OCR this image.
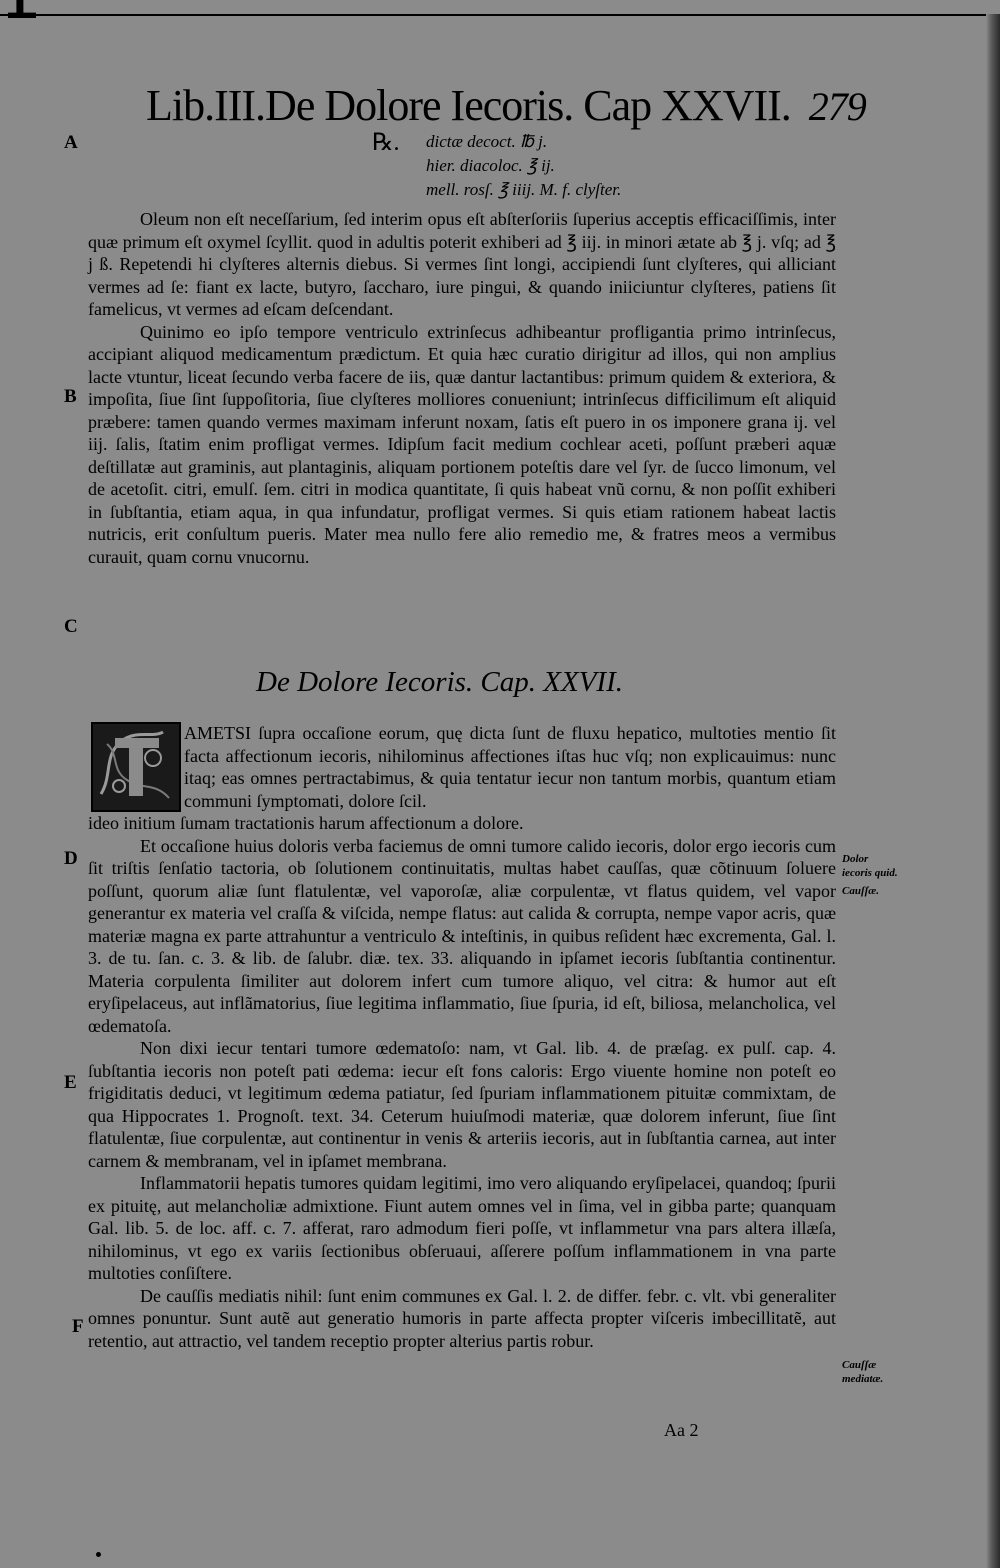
Lib.III.De Dolore Iecoris. Cap XXVII. 279
A
B
C
D
E
F
℞. dictæ decoct. ℔ j.
hier. diacoloc. ℥ ij.
mell. rosſ. ℥ iiij. M. f. clyſter.

Oleum non eſt neceſſarium, ſed interim opus eſt abſterſoriis ſuperius acceptis efficaciſſimis, inter quæ primum eſt oxymel ſcyllit. quod in adultis poterit exhiberi ad ℥ iij. in minori ætate ab ℥ j. vſq; ad ℥ j ß. Repetendi hi clyſteres alternis diebus. Si vermes ſint longi, accipiendi ſunt clyſteres, qui alliciant vermes ad ſe: fiant ex lacte, butyro, ſaccharo, iure pingui, & quando iniiciuntur clyſteres, patiens ſit famelicus, vt vermes ad eſcam deſcendant.

Quinimo eo ipſo tempore ventriculo extrinſecus adhibeantur profligantia primo intrinſecus, accipiant aliquod medicamentum prædictum. Et quia hæc curatio dirigitur ad illos, qui non amplius lacte vtuntur, liceat ſecundo verba facere de iis, quæ dantur lactantibus: primum quidem & exteriora, & impoſita, ſiue ſint ſuppoſitoria, ſiue clyſteres molliores conueniunt; intrinſecus difficilimum eſt aliquid præbere: tamen quando vermes maximam inferunt noxam, ſatis eſt puero in os imponere grana ij. vel iij. ſalis, ſtatim enim profligat vermes. Idipſum facit medium cochlear aceti, poſſunt præberi aquæ deſtillatæ aut graminis, aut plantaginis, aliquam portionem poteſtis dare vel ſyr. de ſucco limonum, vel de acetoſit. citri, emulſ. ſem. citri in modica quantitate, ſi quis habeat vnũ cornu, & non poſſit exhiberi in ſubſtantia, etiam aqua, in qua infundatur, profligat vermes. Si quis etiam rationem habeat lactis nutricis, erit conſultum pueris. Mater mea nullo fere alio remedio me, & fratres meos a vermibus curauit, quam cornu vnucornu.

De Dolore Iecoris. Cap. XXVII.
AMETSI ſupra occaſione eorum, quę dicta ſunt de fluxu hepatico, multoties mentio ſit facta affectionum iecoris, nihilominus affectiones iſtas huc vſq; non explicauimus: nunc itaq; eas omnes pertractabimus, & quia tentatur iecur non tantum morbis, quantum etiam communi ſymptomati, dolore ſcil.

ideo initium ſumam tractationis harum affectionum a dolore.

Et occaſione huius doloris verba faciemus de omni tumore calido iecoris, dolor ergo iecoris cum ſit triſtis ſenſatio tactoria, ob ſolutionem continuitatis, multas habet cauſſas, quæ cõtinuum ſoluere poſſunt, quorum aliæ ſunt flatulentæ, vel vaporoſæ, aliæ corpulentæ, vt flatus quidem, vel vapor generantur ex materia vel craſſa & viſcida, nempe flatus: aut calida & corrupta, nempe vapor acris, quæ materiæ magna ex parte attrahuntur a ventriculo & inteſtinis, in quibus reſident hæc excrementa, Gal. l. 3. de tu. ſan. c. 3. & lib. de ſalubr. diæ. tex. 33. aliquando in ipſamet iecoris ſubſtantia continentur. Materia corpulenta ſimiliter aut dolorem infert cum tumore aliquo, vel citra: & humor aut eſt eryſipelaceus, aut inflãmatorius, ſiue legitima inflammatio, ſiue ſpuria, id eſt, biliosa, melancholica, vel œdematoſa.

Non dixi iecur tentari tumore œdematoſo: nam, vt Gal. lib. 4. de præſag. ex pulſ. cap. 4. ſubſtantia iecoris non poteſt pati œdema: iecur eſt fons caloris: Ergo viuente homine non poteſt eo frigiditatis deduci, vt legitimum œdema patiatur, ſed ſpuriam inflammationem pituitæ commixtam, de qua Hippocrates 1. Prognoſt. text. 34. Ceterum huiuſmodi materiæ, quæ dolorem inferunt, ſiue ſint flatulentæ, ſiue corpulentæ, aut continentur in venis & arteriis iecoris, aut in ſubſtantia carnea, aut inter carnem & membranam, vel in ipſamet membrana.

Inflammatorii hepatis tumores quidam legitimi, imo vero aliquando eryſipelacei, quandoq; ſpurii ex pituitę, aut melancholiæ admixtione. Fiunt autem omnes vel in ſima, vel in gibba parte; quanquam Gal. lib. 5. de loc. aff. c. 7. afferat, raro admodum fieri poſſe, vt inflammetur vna pars altera illæſa, nihilominus, vt ego ex variis ſectionibus obſeruaui, aſſerere poſſum inflammationem in vna parte multoties conſiſtere.

De cauſſis mediatis nihil: ſunt enim communes ex Gal. l. 2. de differ. febr. c. vlt. vbi generaliter omnes ponuntur. Sunt autẽ aut generatio humoris in parte affecta propter viſceris imbecillitatẽ, aut retentio, aut attractio, vel tandem receptio propter alterius partis robur.

Dolor iecoris quid.
Cauſſæ.
Cauſſæ mediatæ.
Aa 2
